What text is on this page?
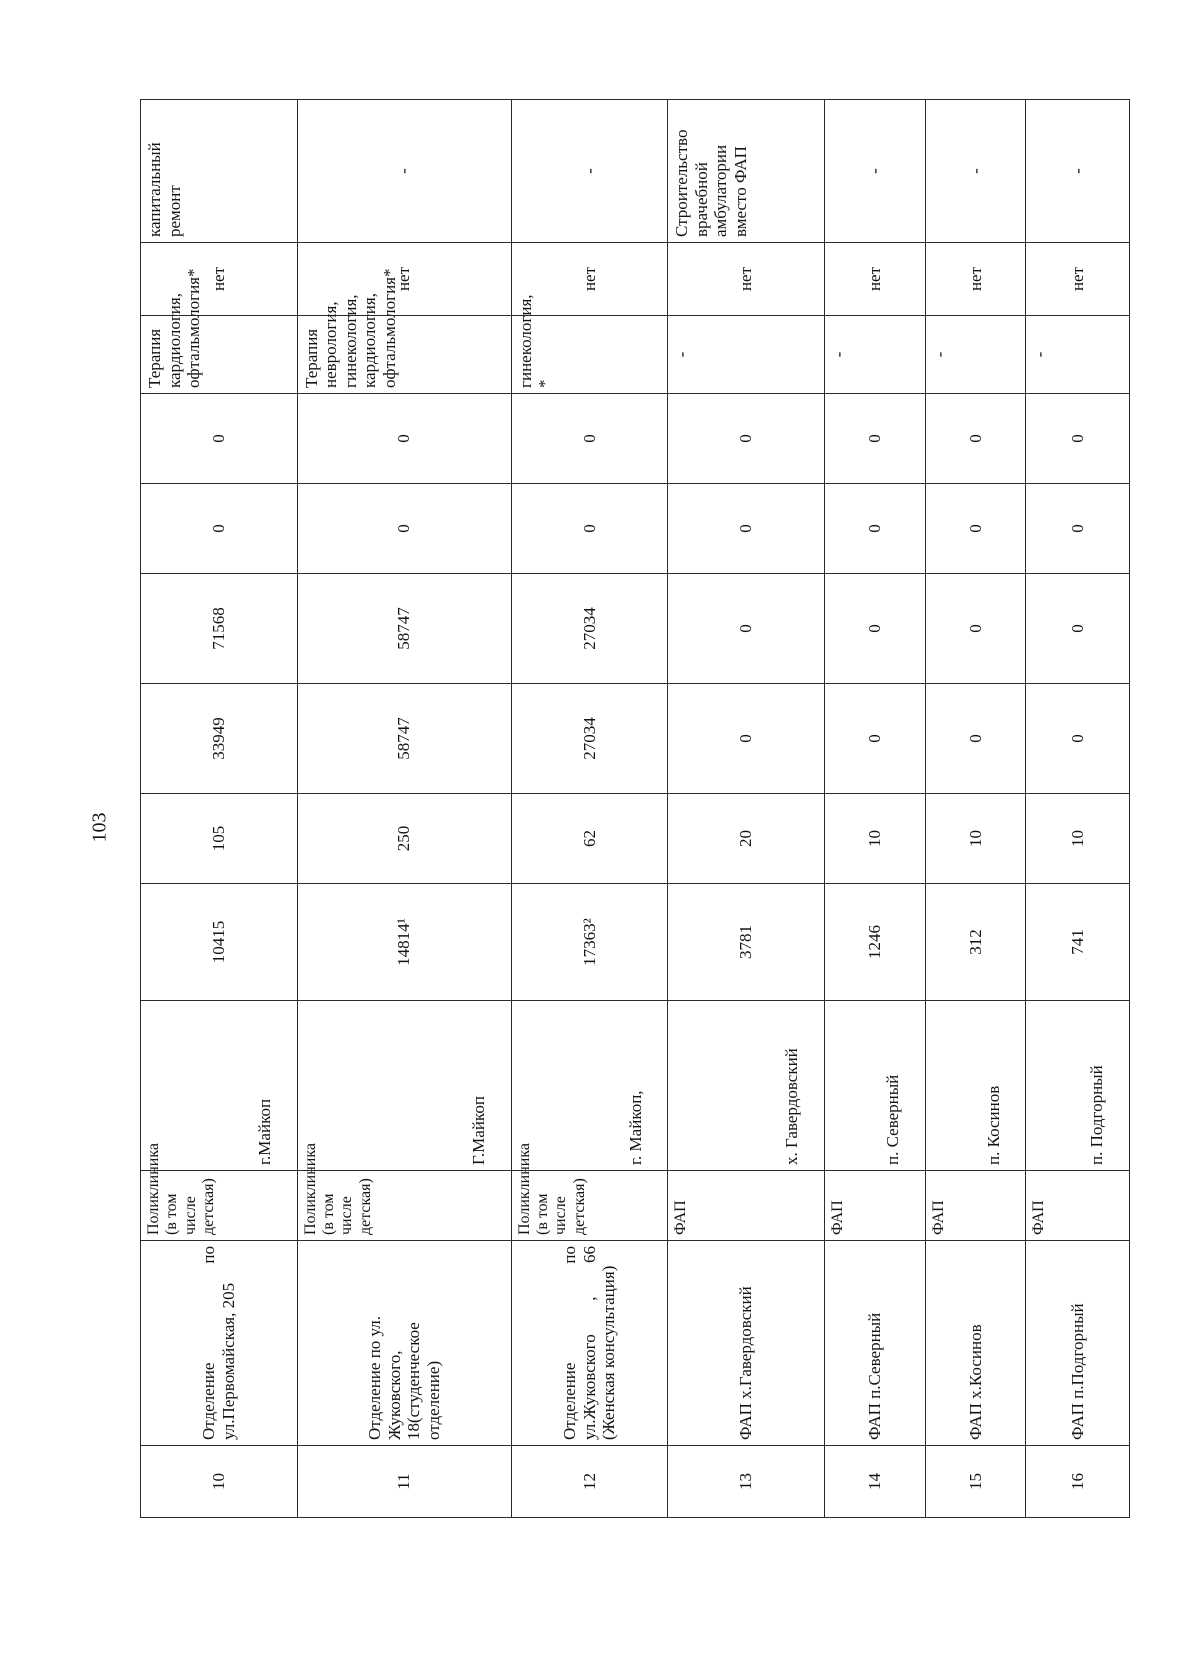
103
10	Отделение по ул.Первомайская, 205	Поликлиника (в том числе детская)	г.Майкоп	10415	105	33949	71568	0	0	Терапия кардиология, офтальмология*	нет	капитальный ремонт
11	Отделение по ул. Жуковского, 18(студенческое отделение)	Поликлиника (в том числе детская)	Г.Майкоп	14814¹	250	58747	58747	0	0	Терапия неврология, гинекология, кардиология, офтальмология*	нет	-
12	Отделение по ул.Жуковского , 66 (Женская консультация)	Поликлиника (в том числе детская)	г. Майкоп,	17363²	62	27034	27034	0	0	гинекология, *	нет	-
13	ФАП х.Гавердовский	ФАП	х. Гавердовский	3781	20	0	0	0	0	-	нет	Строительство врачебной амбулатории вместо ФАП
14	ФАП п.Северный	ФАП	п. Северный	1246	10	0	0	0	0	-	нет	-
15	ФАП х.Косинов	ФАП	п. Косинов	312	10	0	0	0	0	-	нет	-
16	ФАП п.Подгорный	ФАП	п. Подгорный	741	10	0	0	0	0	-	нет	-
